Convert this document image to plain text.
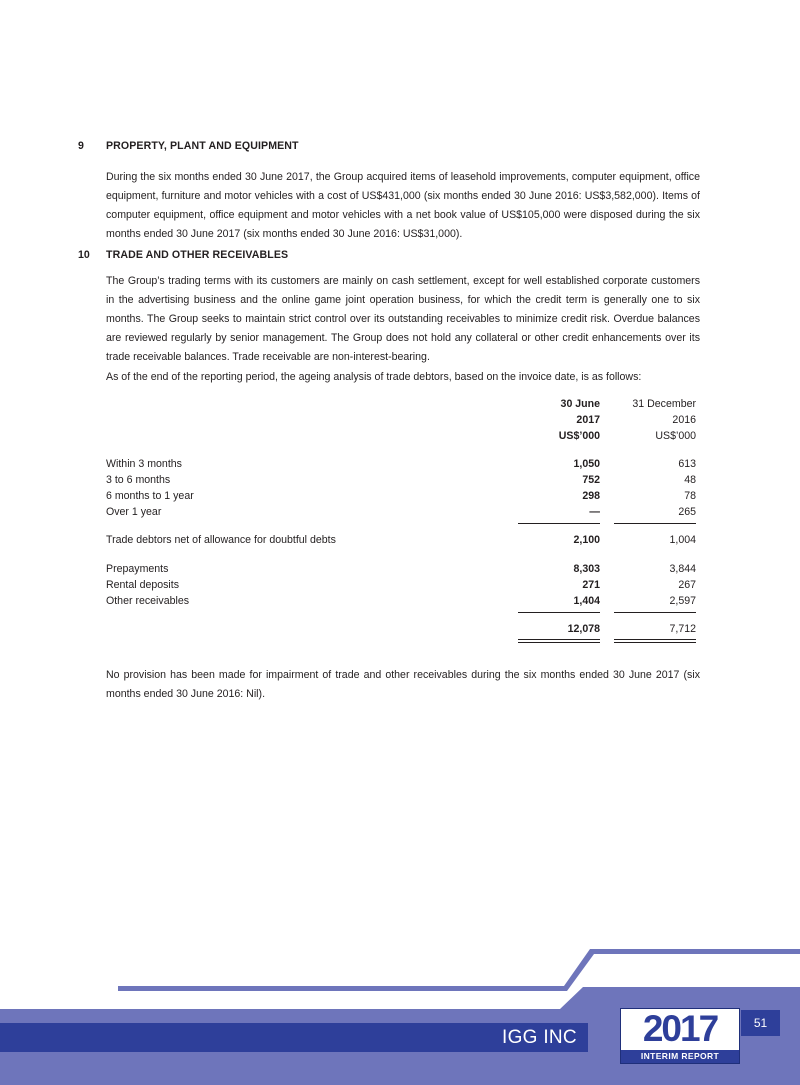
9 PROPERTY, PLANT AND EQUIPMENT
During the six months ended 30 June 2017, the Group acquired items of leasehold improvements, computer equipment, office equipment, furniture and motor vehicles with a cost of US$431,000 (six months ended 30 June 2016: US$3,582,000). Items of computer equipment, office equipment and motor vehicles with a net book value of US$105,000 were disposed during the six months ended 30 June 2017 (six months ended 30 June 2016: US$31,000).
10 TRADE AND OTHER RECEIVABLES
The Group’s trading terms with its customers are mainly on cash settlement, except for well established corporate customers in the advertising business and the online game joint operation business, for which the credit term is generally one to six months. The Group seeks to maintain strict control over its outstanding receivables to minimize credit risk. Overdue balances are reviewed regularly by senior management. The Group does not hold any collateral or other credit enhancements over its trade receivable balances. Trade receivable are non-interest-bearing.
As of the end of the reporting period, the ageing analysis of trade debtors, based on the invoice date, is as follows:
	30 June	31 December
	2017	2016
	US$’000	US$’000

Within 3 months	1,050	613
3 to 6 months	752	48
6 months to 1 year	298	78
Over 1 year	—	265

Trade debtors net of allowance for doubtful debts	2,100	1,004

Prepayments	8,303	3,844
Rental deposits	271	267
Other receivables	1,404	2,597

	12,078	7,712
No provision has been made for impairment of trade and other receivables during the six months ended 30 June 2017 (six months ended 30 June 2016: Nil).
IGG INC	2017
INTERIM REPORT
51
